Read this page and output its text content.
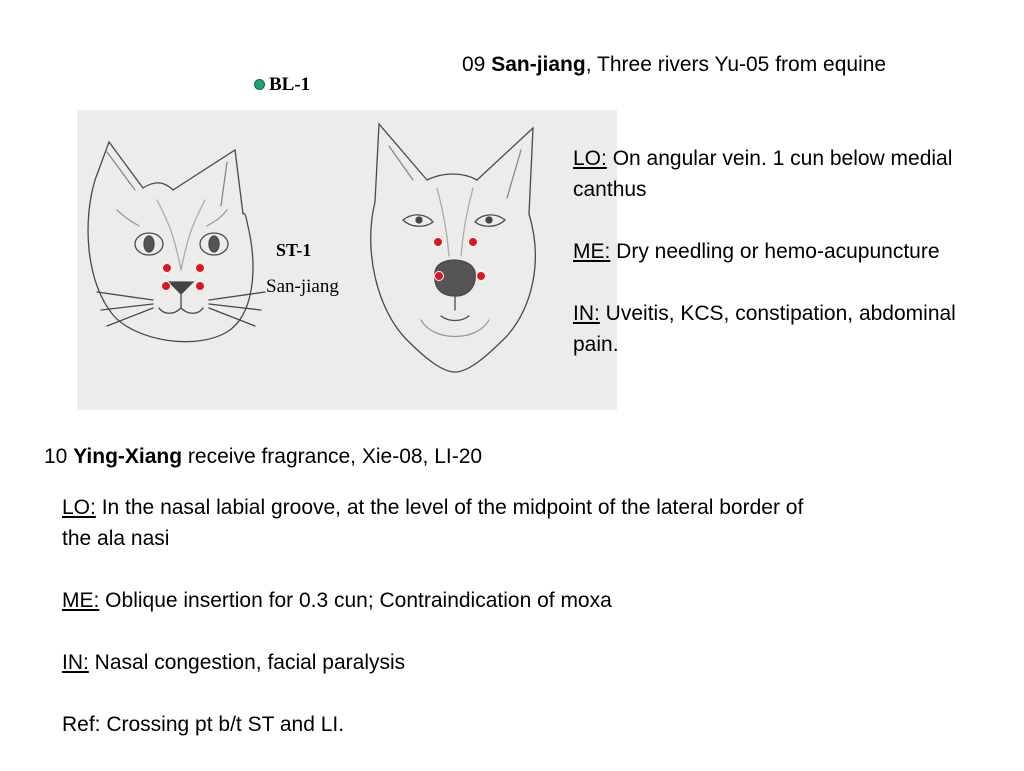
09 San-jiang, Three rivers Yu-05 from equine
BL-1
ST-1
San-jiang

LO: On angular vein. 1 cun below medial canthus

ME: Dry needling or hemo-acupuncture

IN: Uveitis, KCS, constipation, abdominal pain.

10 Ying-Xiang receive fragrance, Xie-08, LI-20

LO: In the nasal labial groove, at the level of the midpoint of the lateral border of the ala nasi

ME: Oblique insertion for 0.3 cun; Contraindication of moxa

IN: Nasal congestion, facial paralysis

Ref: Crossing pt b/t ST and LI.
